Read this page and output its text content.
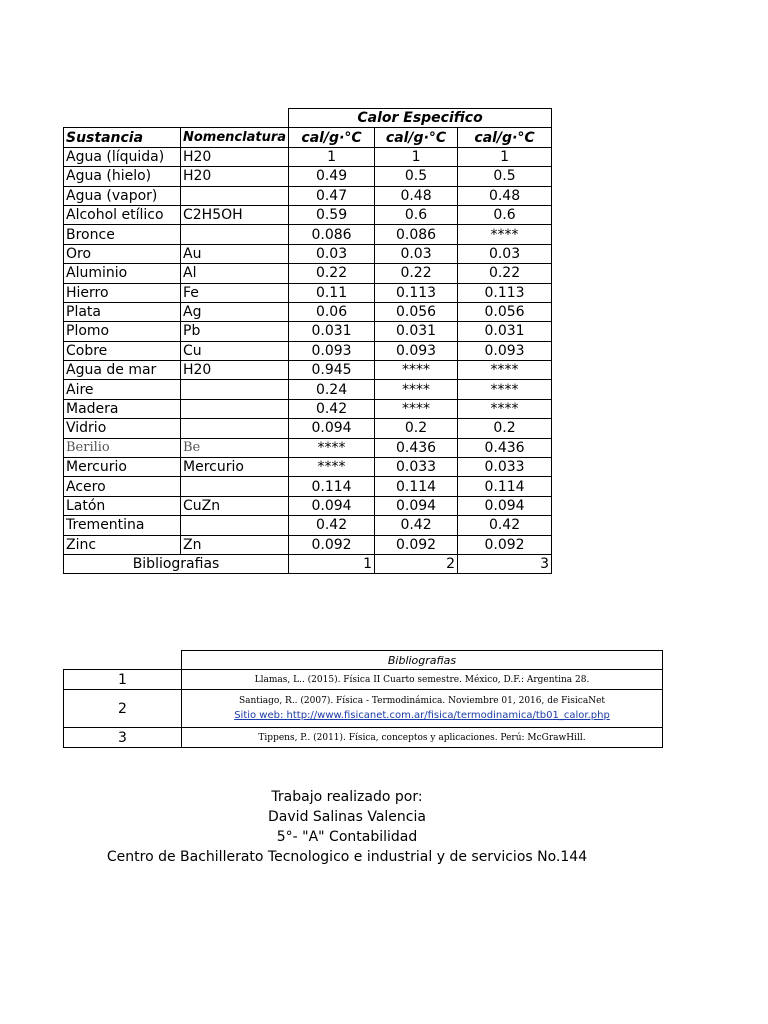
		Calor Especifico		
Sustancia	Nomenclatura	cal/g·°C	cal/g·°C	cal/g·°C
Agua (líquida)	H20	1	1	1
Agua (hielo)	H20	0.49	0.5	0.5
Agua (vapor)		0.47	0.48	0.48
Alcohol etílico	C2H5OH	0.59	0.6	0.6
Bronce		0.086	0.086	****
Oro	Au	0.03	0.03	0.03
Aluminio	Al	0.22	0.22	0.22
Hierro	Fe	0.11	0.113	0.113
Plata	Ag	0.06	0.056	0.056
Plomo	Pb	0.031	0.031	0.031
Cobre	Cu	0.093	0.093	0.093
Agua de mar	H20	0.945	****	****
Aire		0.24	****	****
Madera		0.42	****	****
Vidrio		0.094	0.2	0.2
Berilio	Be	****	0.436	0.436
Mercurio	Mercurio	****	0.033	0.033
Acero		0.114	0.114	0.114
Latón	CuZn	0.094	0.094	0.094
Trementina		0.42	0.42	0.42
Zinc	Zn	0.092	0.092	0.092
Bibliografias		1	2	3
	Bibliografias
1	Llamas, L.. (2015). Física II Cuarto semestre. México, D.F.: Argentina 28.
2	Santiago, R.. (2007). Física - Termodinámica. Noviembre 01, 2016, de FisicaNet
Sitio web: http://www.fisicanet.com.ar/fisica/termodinamica/tb01_calor.php

3	Tippens, P.. (2011). Física, conceptos y aplicaciones. Perú: McGrawHill.
Trabajo realizado por:
David Salinas Valencia
5°- "A" Contabilidad
Centro de Bachillerato Tecnologico e industrial y de servicios No.144
